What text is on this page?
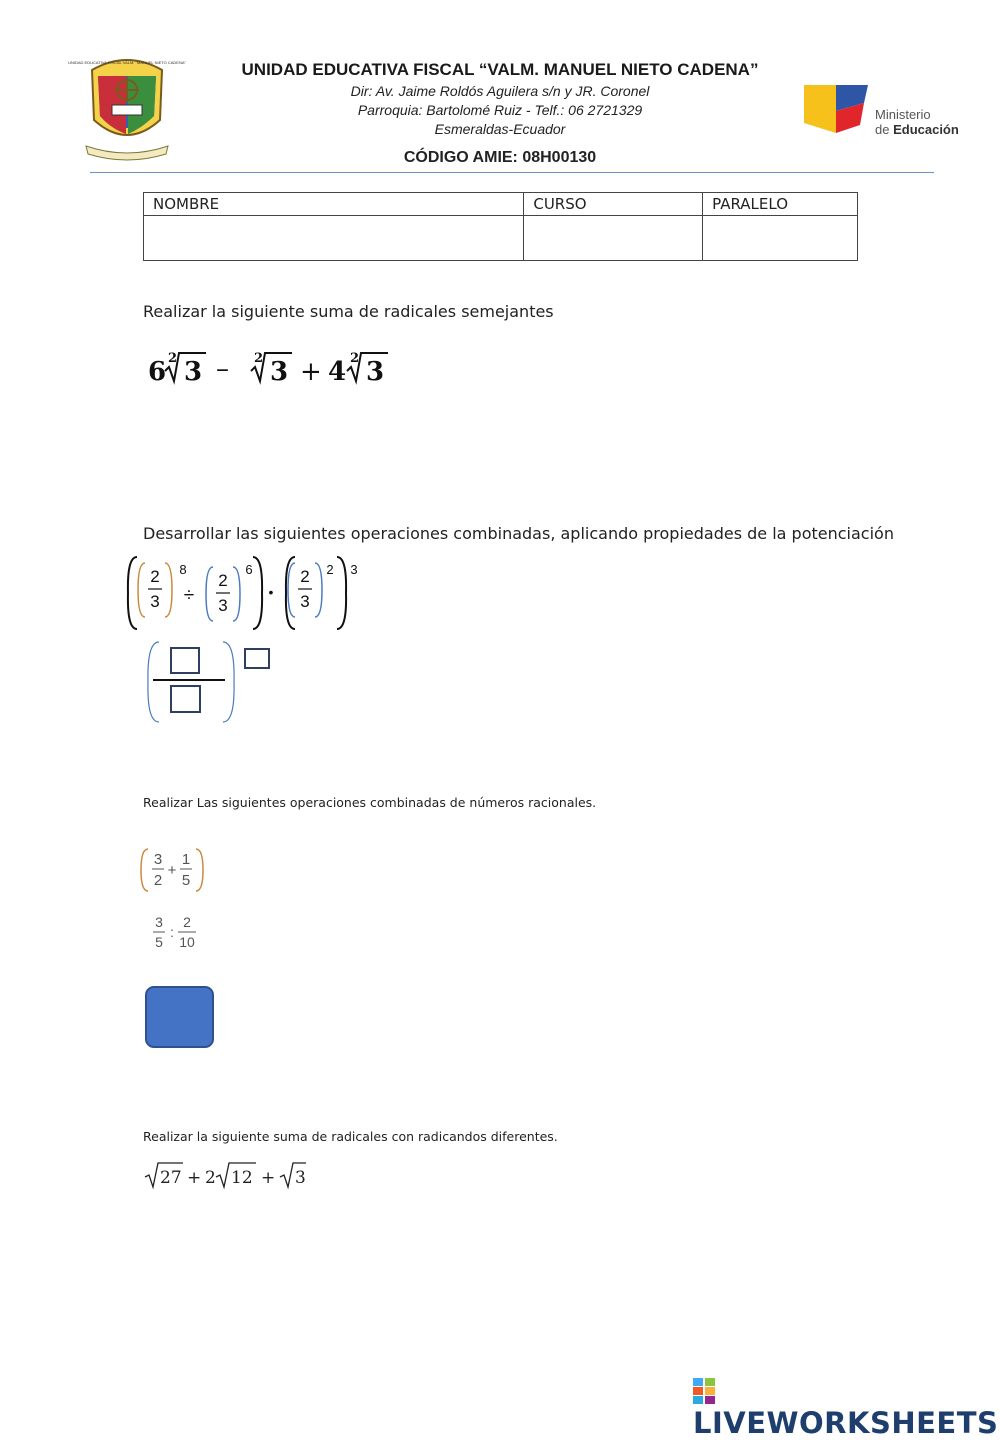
UNIDAD EDUCATIVA FISCAL VALM. "MANUEL NIETO CADENA"	UNIDAD EDUCATIVA FISCAL “VALM. MANUEL NIETO CADENA”
Dir: Av. Jaime Roldós Aguilera s/n y JR. Coronel
Parroquia: Bartolomé Ruiz - Telf.: 06 2721329
Esmeraldas-Ecuador
CÓDIGO AMIE: 08H00130
Ministerio
de Educación
NOMBRE	CURSO	PARALELO

Realizar la siguiente suma de radicales semejantes
6 2 3 – 2 3 + 4 2 3
Desarrollar las siguientes operaciones combinadas, aplicando propiedades de la potenciación
2
3
8
÷
2
3
6
•
2
3
2 3
Realizar Las siguientes operaciones combinadas de números racionales.
3
2
+
1
5
3
5
:
2
10
Realizar la siguiente suma de radicales con radicandos diferentes.
27 + 2 12 + 3
LIVEWORKSHEETS
